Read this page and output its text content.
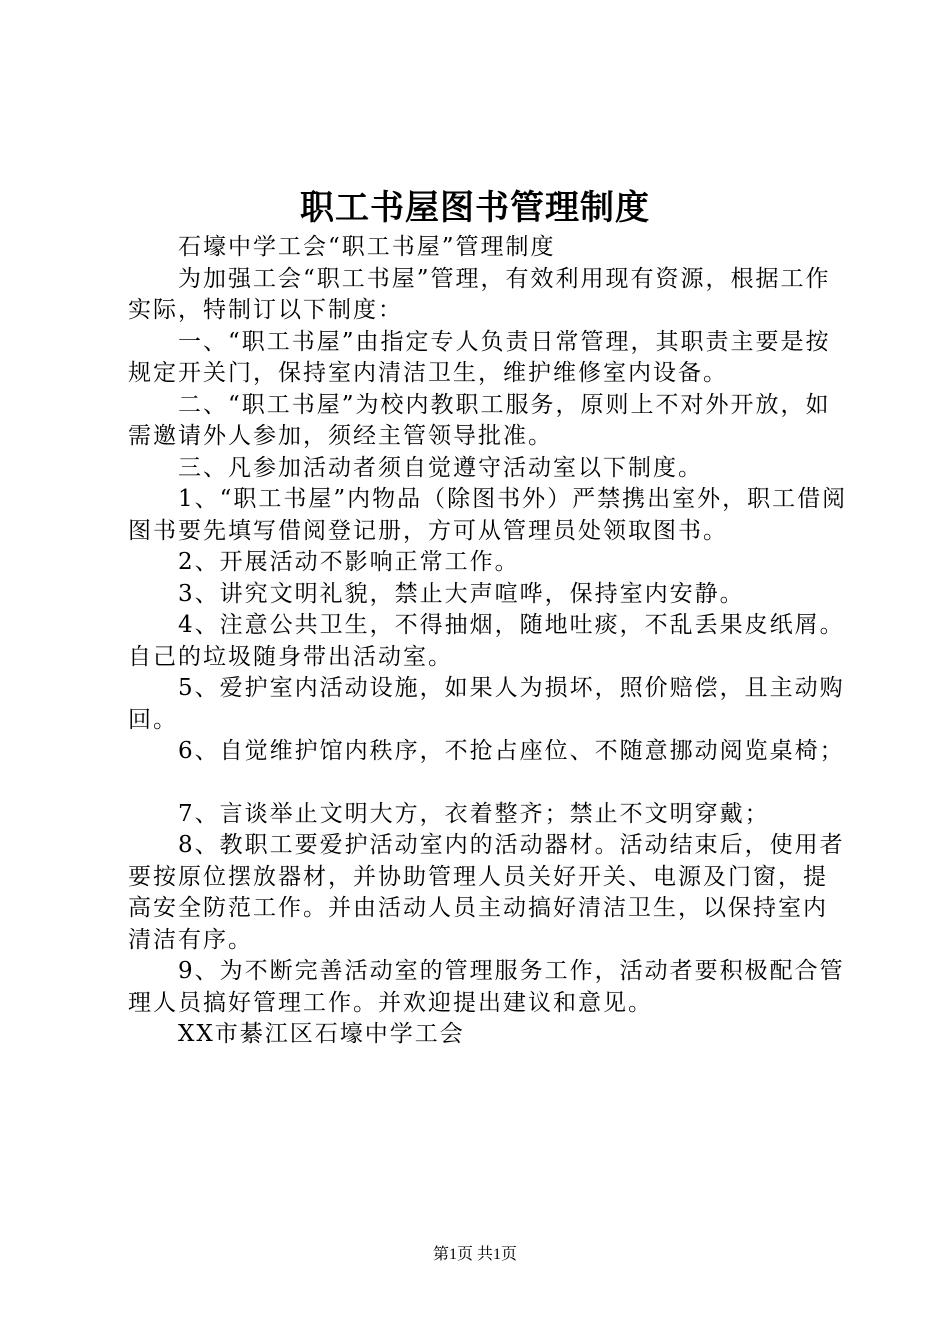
职工书屋图书管理制度

石壕中学工会“职工书屋”管理制度

为加强工会“职工书屋”管理，有效利用现有资源，根据工作实际，特制订以下制度：

一、“职工书屋”由指定专人负责日常管理，其职责主要是按规定开关门，保持室内清洁卫生，维护维修室内设备。

二、“职工书屋”为校内教职工服务，原则上不对外开放，如需邀请外人参加，须经主管领导批准。

三、凡参加活动者须自觉遵守活动室以下制度。

1、“职工书屋”内物品（除图书外）严禁携出室外，职工借阅图书要先填写借阅登记册，方可从管理员处领取图书。

2、开展活动不影响正常工作。

3、讲究文明礼貌，禁止大声喧哗，保持室内安静。

4、注意公共卫生，不得抽烟，随地吐痰，不乱丢果皮纸屑。自己的垃圾随身带出活动室。

5、爱护室内活动设施，如果人为损坏，照价赔偿，且主动购回。

6、自觉维护馆内秩序，不抢占座位、不随意挪动阅览桌椅；

7、言谈举止文明大方，衣着整齐；禁止不文明穿戴；

8、教职工要爱护活动室内的活动器材。活动结束后，使用者要按原位摆放器材，并协助管理人员关好开关、电源及门窗，提高安全防范工作。并由活动人员主动搞好清洁卫生，以保持室内清洁有序。

9、为不断完善活动室的管理服务工作，活动者要积极配合管理人员搞好管理工作。并欢迎提出建议和意见。

XX市綦江区石壕中学工会

第1页 共1页
